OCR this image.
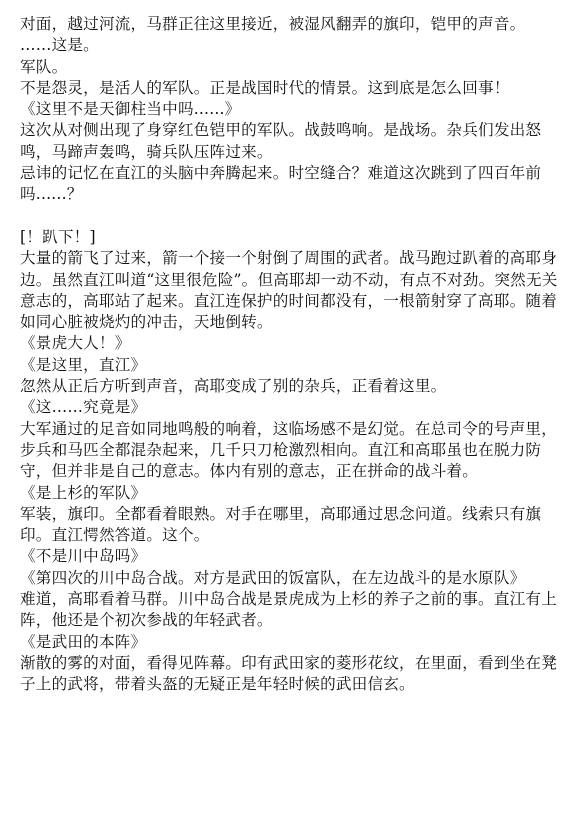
对面，越过河流，马群正往这里接近，被湿风翻弄的旗印，铠甲的声音。

……这是。

军队。

不是怨灵，是活人的军队。正是战国时代的情景。这到底是怎么回事！

《这里不是天御柱当中吗......》

这次从对侧出现了身穿红色铠甲的军队。战鼓鸣响。是战场。杂兵们发出怒鸣，马蹄声轰鸣，骑兵队压阵过来。

忌讳的记忆在直江的头脑中奔腾起来。时空缝合？难道这次跳到了四百年前吗......？

[！趴下！]

大量的箭飞了过来，箭一个接一个射倒了周围的武者。战马跑过趴着的高耶身边。虽然直江叫道“这里很危险”。但高耶却一动不动，有点不对劲。突然无关意志的，高耶站了起来。直江连保护的时间都没有，一根箭射穿了高耶。随着如同心脏被烧灼的冲击，天地倒转。

《景虎大人！》

《是这里，直江》

忽然从正后方听到声音，高耶变成了别的杂兵，正看着这里。

《这……究竟是》

大军通过的足音如同地鸣般的响着，这临场感不是幻觉。在总司令的号声里，步兵和马匹全都混杂起来，几千只刀枪激烈相向。直江和高耶虽也在脱力防守，但并非是自己的意志。体内有别的意志，正在拼命的战斗着。

《是上杉的军队》

军装，旗印。全都看着眼熟。对手在哪里，高耶通过思念问道。线索只有旗印。直江愕然答道。这个。

《不是川中岛吗》

《第四次的川中岛合战。对方是武田的饭富队，在左边战斗的是水原队》

难道，高耶看着马群。川中岛合战是景虎成为上杉的养子之前的事。直江有上阵，他还是个初次参战的年轻武者。

《是武田的本阵》

渐散的雾的对面，看得见阵幕。印有武田家的菱形花纹，在里面，看到坐在凳子上的武将，带着头盔的无疑正是年轻时候的武田信玄。
